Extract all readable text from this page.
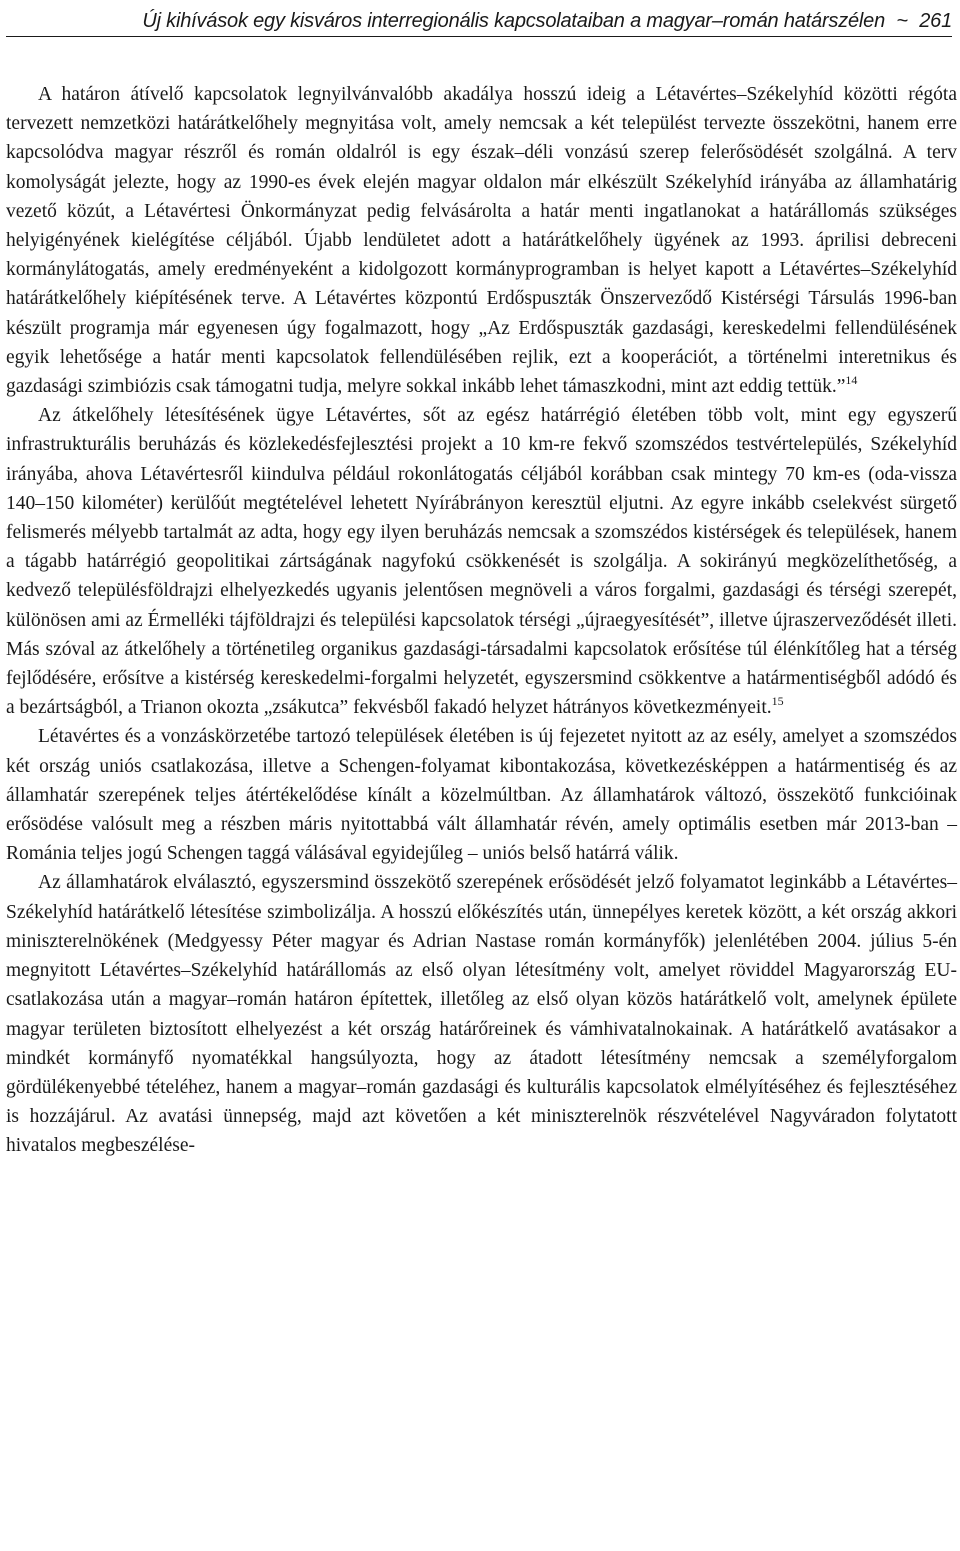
Új kihívások egy kisváros interregionális kapcsolataiban a magyar–román határszélen ~ 261

A határon átívelő kapcsolatok legnyilvánvalóbb akadálya hosszú ideig a Létavértes–Székelyhíd közötti régóta tervezett nemzetközi határátkelőhely megnyitása volt, amely nemcsak a két települést tervezte összekötni, hanem erre kapcsolódva magyar részről és román oldalról is egy észak–déli vonzású szerep felerősödését szolgálná. A terv komolyságát jelezte, hogy az 1990-es évek elején magyar oldalon már elkészült Székelyhíd irányába az államhatárig vezető közút, a Létavértesi Önkormányzat pedig felvásárolta a határ menti ingatlanokat a határállomás szükséges helyigényének kielégítése céljából. Újabb lendületet adott a határátkelőhely ügyének az 1993. áprilisi debreceni kormánylátogatás, amely eredményeként a kidolgozott kormányprogramban is helyet kapott a Létavértes–Székelyhíd határátkelőhely kiépítésének terve. A Létavértes központú Erdőspuszták Önszerveződő Kistérségi Társulás 1996-ban készült programja már egyenesen úgy fogalmazott, hogy „Az Erdőspuszták gazdasági, kereskedelmi fellendülésének egyik lehetősége a határ menti kapcsolatok fellendülésében rejlik, ezt a kooperációt, a történelmi interetnikus és gazdasági szimbiózis csak támogatni tudja, melyre sokkal inkább lehet támaszkodni, mint azt eddig tettük.”$^{14}$

Az átkelőhely létesítésének ügye Létavértes, sőt az egész határrégió életében több volt, mint egy egyszerű infrastrukturális beruházás és közlekedésfejlesztési projekt a 10 km-re fekvő szomszédos testvértelepülés, Székelyhíd irányába, ahova Létavértesről kiindulva például rokonlátogatás céljából korábban csak mintegy 70 km-es (oda-vissza 140–150 kilométer) kerülőút megtételével lehetett Nyírábrányon keresztül eljutni. Az egyre inkább cselekvést sürgető felismerés mélyebb tartalmát az adta, hogy egy ilyen beruházás nemcsak a szomszédos kistérségek és települések, hanem a tágabb határrégió geopolitikai zártságának nagyfokú csökkenését is szolgálja. A sokirányú megközelíthetőség, a kedvező településföldrajzi elhelyezkedés ugyanis jelentősen megnöveli a város forgalmi, gazdasági és térségi szerepét, különösen ami az Érmelléki tájföldrajzi és települési kapcsolatok térségi „újraegyesítését”, illetve újraszerveződését illeti. Más szóval az átkelőhely a történetileg organikus gazdasági-társadalmi kapcsolatok erősítése túl élénkítőleg hat a térség fejlődésére, erősítve a kistérség kereskedelmi-forgalmi helyzetét, egyszersmind csökkentve a határmentiségből adódó és a bezártságból, a Trianon okozta „zsákutca” fekvésből fakadó helyzet hátrányos következményeit.$^{15}$

Létavértes és a vonzáskörzetébe tartozó települések életében is új fejezetet nyitott az az esély, amelyet a szomszédos két ország uniós csatlakozása, illetve a Schengen-folyamat kibontakozása, következésképpen a határmentiség és az államhatár szerepének teljes átértékelődése kínált a közelmúltban. Az államhatárok változó, összekötő funkcióinak erősödése valósult meg a részben máris nyitottabbá vált államhatár révén, amely optimális esetben már 2013-ban – Románia teljes jogú Schengen taggá válásával egyidejűleg – uniós belső határrá válik.

Az államhatárok elválasztó, egyszersmind összekötő szerepének erősödését jelző folyamatot leginkább a Létavértes–Székelyhíd határátkelő létesítése szimbolizálja. A hosszú előkészítés után, ünnepélyes keretek között, a két ország akkori miniszterelnökének (Medgyessy Péter magyar és Adrian Nastase román kormányfők) jelenlétében 2004. július 5-én megnyitott Létavértes–Székelyhíd határállomás az első olyan létesítmény volt, amelyet röviddel Magyarország EU-csatlakozása után a magyar–román határon építettek, illetőleg az első olyan közös határátkelő volt, amelynek épülete magyar területen biztosított elhelyezést a két ország határőreinek és vámhivatalnokainak. A határátkelő avatásakor a mindkét kormányfő nyomatékkal hangsúlyozta, hogy az átadott létesítmény nemcsak a személyforgalom gördülékenyebbé tételéhez, hanem a magyar–román gazdasági és kulturális kapcsolatok elmélyítéséhez és fejlesztéséhez is hozzájárul. Az avatási ünnepség, majd azt követően a két miniszterelnök részvételével Nagyváradon folytatott hivatalos megbeszélése-
